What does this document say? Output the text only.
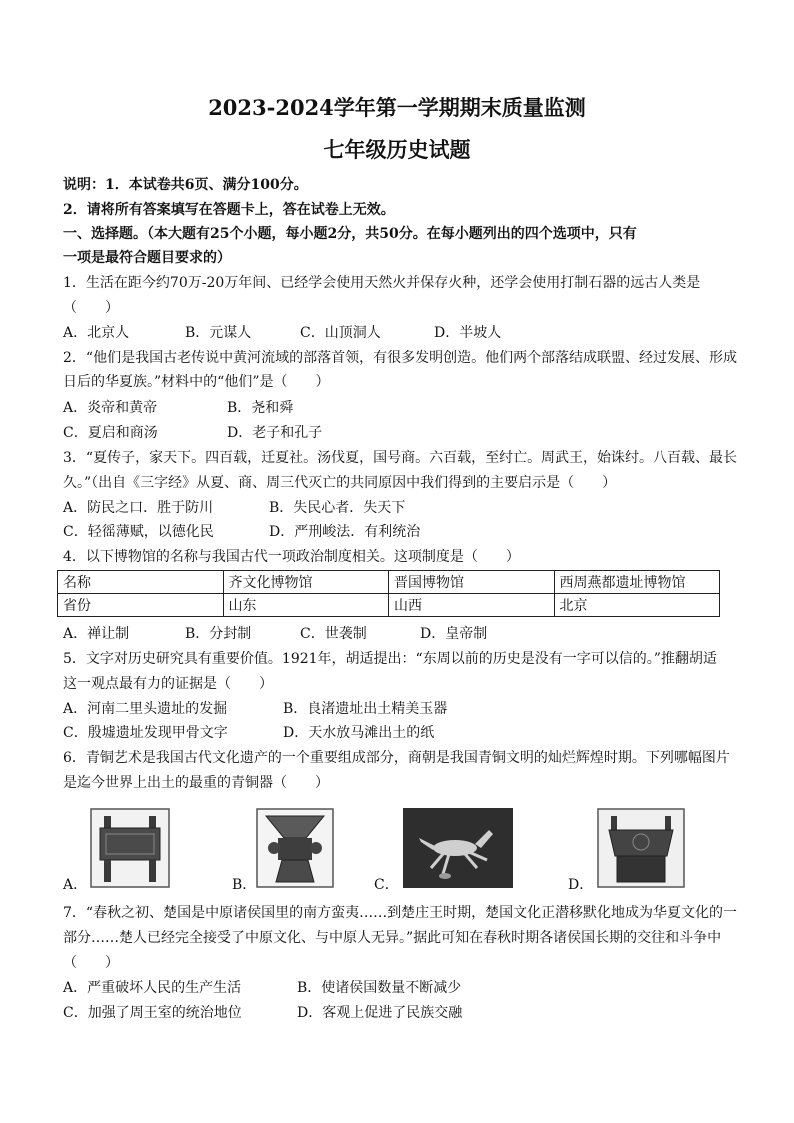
2023-2024学年第一学期期末质量监测
七年级历史试题
说明：1．本试卷共6页、满分100分。
2．请将所有答案填写在答题卡上，答在试卷上无效。
一、选择题。（本大题有25个小题，每小题2分，共50分。在每小题列出的四个选项中，只有
一项是最符合题目要求的）
1．生活在距今约70万-20万年间、已经学会使用天然火并保存火种，还学会使用打制石器的远古人类是
（　　）
A．北京人	B．元谋人	C．山顶洞人	D．半坡人
2．“他们是我国古老传说中黄河流域的部落首领，有很多发明创造。他们两个部落结成联盟、经过发展、形成
日后的华夏族。”材料中的“他们”是（　　）
A．炎帝和黄帝	B．尧和舜
C．夏启和商汤	D．老子和孔子
3．“夏传子，家天下。四百载，迁夏社。汤伐夏，国号商。六百载，至纣亡。周武王，始诛纣。八百载、最长
久。”（出自《三字经》从夏、商、周三代灭亡的共同原因中我们得到的主要启示是（　　）
A．防民之口．胜于防川	B．失民心者．失天下
C．轻徭薄赋，以德化民	D．严刑峻法．有利统治
4．以下博物馆的名称与我国古代一项政治制度相关。这项制度是（　　）
名称	齐文化博物馆	晋国博物馆	西周燕都遗址博物馆
省份	山东	山西	北京
A．禅让制	B．分封制	C．世袭制	D．皇帝制
5．文字对历史研究具有重要价值。1921年，胡适提出：“东周以前的历史是没有一字可以信的。”推翻胡适
这一观点最有力的证据是（　　）
A．河南二里头遗址的发掘	B．良渚遗址出土精美玉器
C．殷墟遗址发现甲骨文字	D．天水放马滩出土的纸
6．青铜艺术是我国古代文化遗产的一个重要组成部分，商朝是我国青铜文明的灿烂辉煌时期。下列哪幅图片
是迄今世界上出土的最重的青铜器（　　）
A．	B．	C．	D．
7．“春秋之初、楚国是中原诸侯国里的南方蛮夷……到楚庄王时期，楚国文化正潜移默化地成为华夏文化的一
部分……楚人已经完全接受了中原文化、与中原人无异。”据此可知在春秋时期各诸侯国长期的交往和斗争中
（　　）
A．严重破坏人民的生产生活	B．使诸侯国数量不断减少
C．加强了周王室的统治地位	D．客观上促进了民族交融
